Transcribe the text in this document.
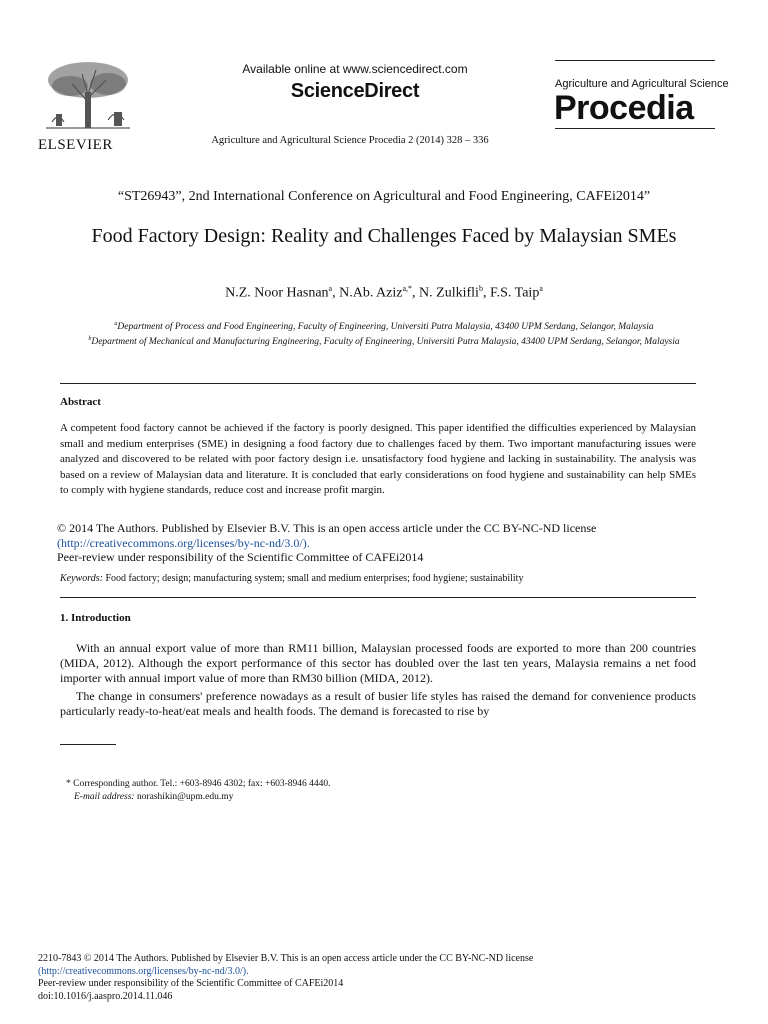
ELSEVIER
Available online at www.sciencedirect.com
ScienceDirect
Agriculture and Agricultural Science Procedia 2 (2014) 328 – 336
Agriculture and Agricultural Science
Procedia
“ST26943”, 2nd International Conference on Agricultural and Food Engineering, CAFEi2014”
Food Factory Design: Reality and Challenges Faced by Malaysian SMEs
N.Z. Noor Hasnan$^a$, N.Ab. Aziz$^{a,*}$, N. Zulkifli$^b$, F.S. Taip$^a$
$^a$Department of Process and Food Engineering, Faculty of Engineering, Universiti Putra Malaysia, 43400 UPM Serdang, Selangor, Malaysia
$^b$Department of Mechanical and Manufacturing Engineering, Faculty of Engineering, Universiti Putra Malaysia, 43400 UPM Serdang, Selangor, Malaysia
Abstract
A competent food factory cannot be achieved if the factory is poorly designed. This paper identified the difficulties experienced by Malaysian small and medium enterprises (SME) in designing a food factory due to challenges faced by them. Two important manufacturing issues were analyzed and discovered to be related with poor factory design i.e. unsatisfactory food hygiene and lacking in sustainability. The analysis was based on a review of Malaysian data and literature. It is concluded that early considerations on food hygiene and sustainability can help SMEs to comply with hygiene standards, reduce cost and increase profit margin.
© 2014 The Authors. Published by Elsevier B.V. This is an open access article under the CC BY-NC-ND license
(http://creativecommons.org/licenses/by-nc-nd/3.0/).
Peer-review under responsibility of the Scientific Committee of CAFEi2014
Keywords: Food factory; design; manufacturing system; small and medium enterprises; food hygiene; sustainability
1. Introduction
With an annual export value of more than RM11 billion, Malaysian processed foods are exported to more than 200 countries (MIDA, 2012). Although the export performance of this sector has doubled over the last ten years, Malaysia remains a net food importer with annual import value of more than RM30 billion (MIDA, 2012).
The change in consumers' preference nowadays as a result of busier life styles has raised the demand for convenience products particularly ready-to-heat/eat meals and health foods. The demand is forecasted to rise by
* Corresponding author. Tel.: +603-8946 4302; fax: +603-8946 4440.
E-mail address: norashikin@upm.edu.my
2210-7843 © 2014 The Authors. Published by Elsevier B.V. This is an open access article under the CC BY-NC-ND license
(http://creativecommons.org/licenses/by-nc-nd/3.0/).
Peer-review under responsibility of the Scientific Committee of CAFEi2014
doi:10.1016/j.aaspro.2014.11.046
